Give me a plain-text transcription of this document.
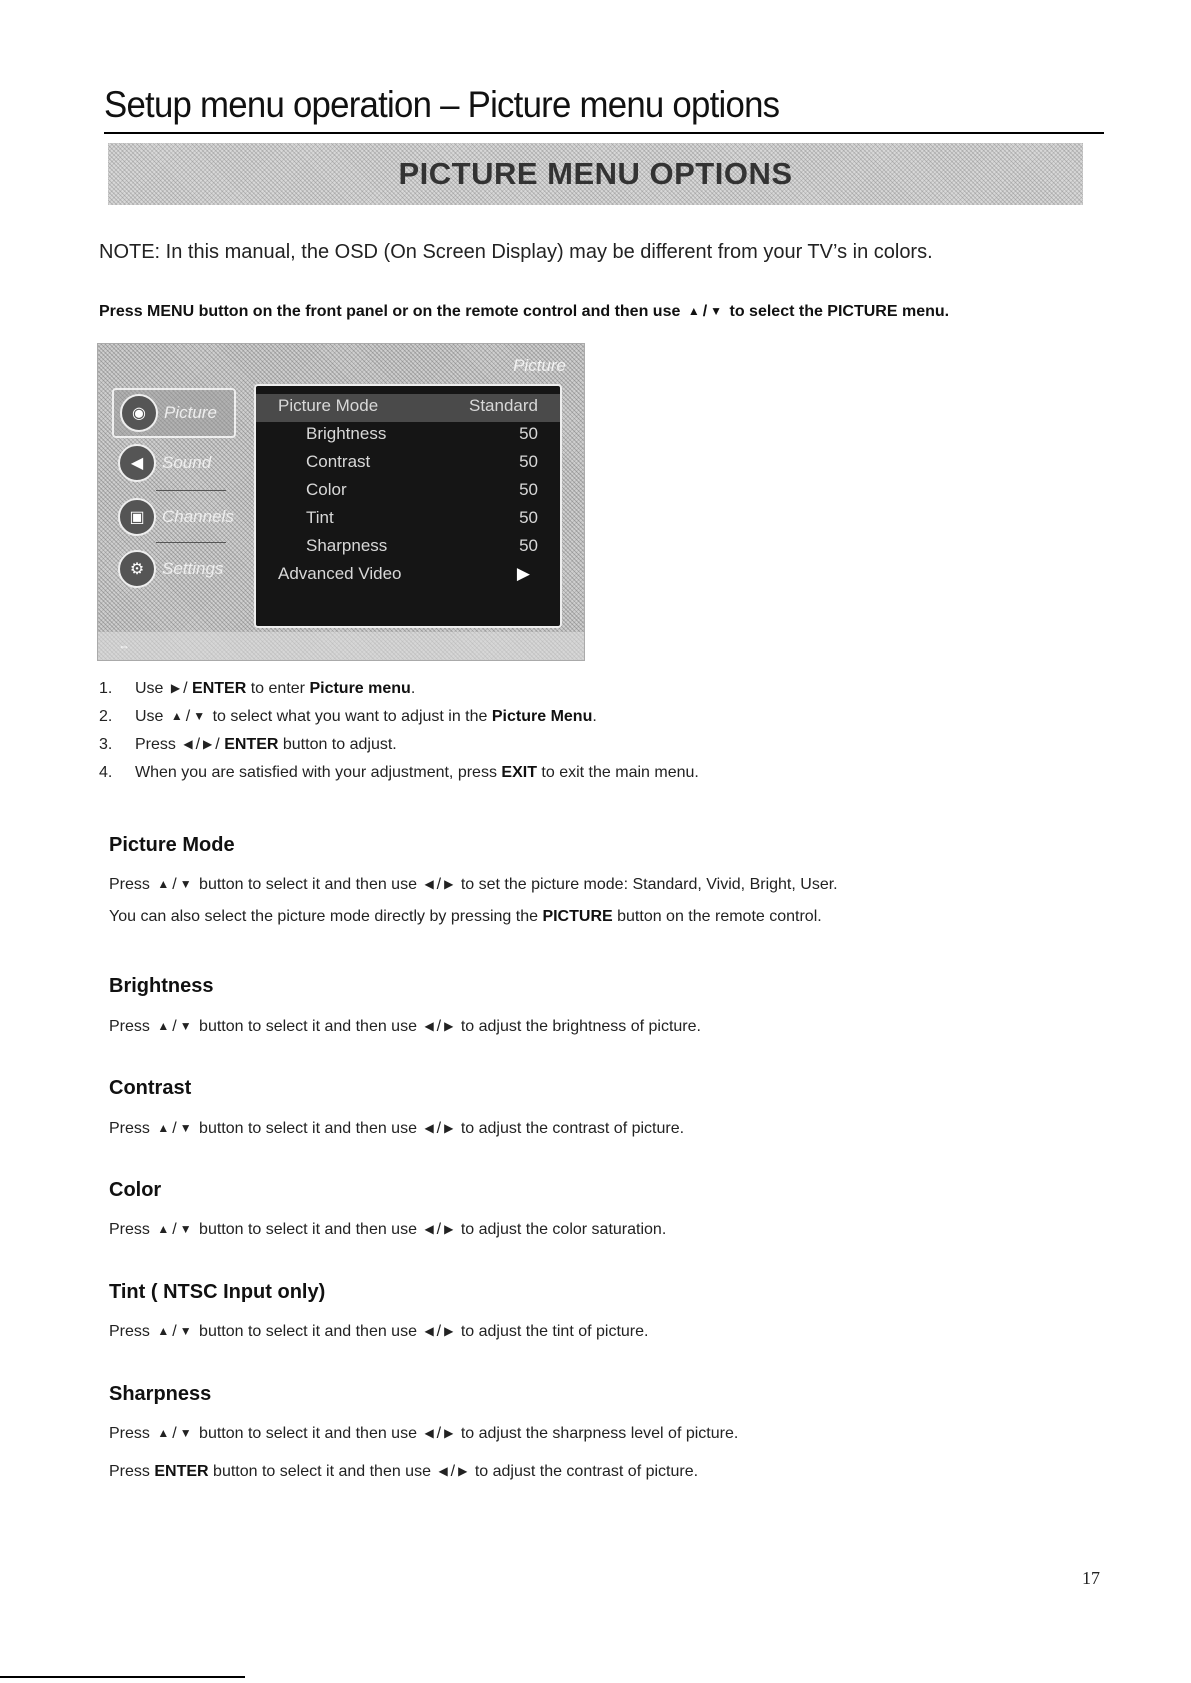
Setup menu operation – Picture menu options
PICTURE MENU OPTIONS
NOTE: In this manual, the OSD (On Screen Display) may be different from your TV’s in colors.
Press MENU button on the front panel or on the remote control and then use ▲ / ▼ to select the PICTURE menu.
Picture
◉	Picture
◀	Sound
▣	Channels
⚙	Settings
Picture Mode	Standard
Brightness	50
Contrast	50
Color	50
Tint	50
Sharpness	50
Advanced Video	▶
⇔
1.	Use ▶ / ENTER to enter Picture menu.
2.	Use ▲ / ▼ to select what you want to adjust in the Picture Menu.
3.	Press ◀ / ▶ / ENTER button to adjust.
4.	When you are satisfied with your adjustment, press EXIT to exit the main menu.
Picture Mode
Press ▲ / ▼ button to select it and then use ◀ / ▶ to set the picture mode: Standard, Vivid, Bright, User.
You can also select the picture mode directly by pressing the PICTURE button on the remote control.
Brightness
Press ▲ / ▼ button to select it and then use ◀ / ▶ to adjust the brightness of picture.
Contrast
Press ▲ / ▼ button to select it and then use ◀ / ▶ to adjust the contrast of picture.
Color
Press ▲ / ▼ button to select it and then use ◀ / ▶ to adjust the color saturation.
Tint ( NTSC Input only)
Press ▲ / ▼ button to select it and then use ◀ / ▶ to adjust the tint of picture.
Sharpness
Press ▲ / ▼ button to select it and then use ◀ / ▶ to adjust the sharpness level of picture.
Press ENTER button to select it and then use ◀ / ▶ to adjust the contrast of picture.
17
